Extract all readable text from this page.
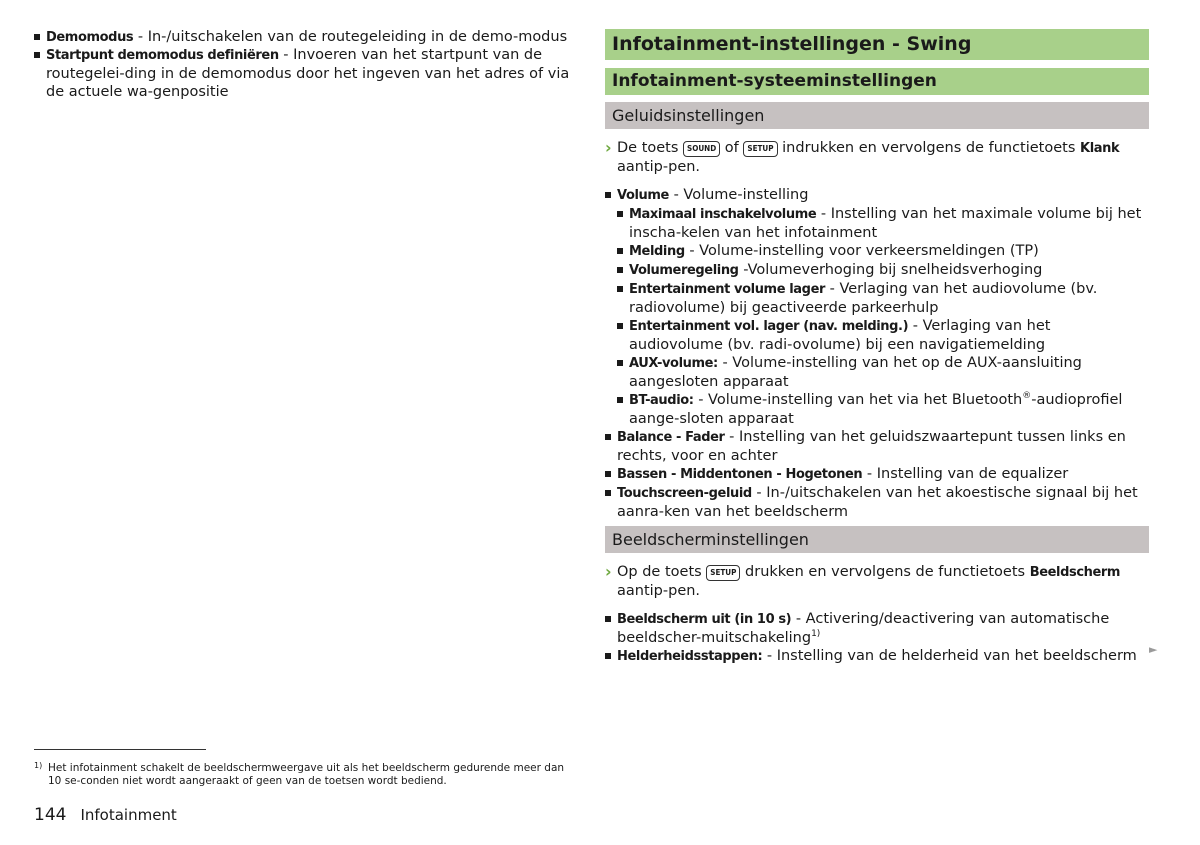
Demomodus - In-/uitschakelen van de routegeleiding in de demo-modus
Startpunt demomodus definiëren - Invoeren van het startpunt van de routegelei-ding in de demomodus door het ingeven van het adres of via de actuele wa-genpositie
Infotainment-instellingen - Swing
Infotainment-systeeminstellingen
Geluidsinstellingen
› De toets SOUND of SETUP indrukken en vervolgens de functietoets Klank aantip-pen.
Volume - Volume-instelling
Maximaal inschakelvolume - Instelling van het maximale volume bij het inscha-kelen van het infotainment
Melding - Volume-instelling voor verkeersmeldingen (TP)
Volumeregeling -Volumeverhoging bij snelheidsverhoging
Entertainment volume lager - Verlaging van het audiovolume (bv. radiovolume) bij geactiveerde parkeerhulp
Entertainment vol. lager (nav. melding.) - Verlaging van het audiovolume (bv. radi-ovolume) bij een navigatiemelding
AUX-volume: - Volume-instelling van het op de AUX-aansluiting aangesloten apparaat
BT-audio: - Volume-instelling van het via het Bluetooth®-audioprofiel aange-sloten apparaat
Balance - Fader - Instelling van het geluidszwaartepunt tussen links en rechts, voor en achter
Bassen - Middentonen - Hogetonen - Instelling van de equalizer
Touchscreen-geluid - In-/uitschakelen van het akoestische signaal bij het aanra-ken van het beeldscherm
Beeldscherminstellingen
› Op de toets SETUP drukken en vervolgens de functietoets Beeldscherm aantip-pen.
Beeldscherm uit (in 10 s) - Activering/deactivering van automatische beeldscher-muitschakeling$^{1)}$
Helderheidsstappen: - Instelling van de helderheid van het beeldscherm	►
1) Het infotainment schakelt de beeldschermweergave uit als het beeldscherm gedurende meer dan 10 se-conden niet wordt aangeraakt of geen van de toetsen wordt bediend.
144 Infotainment
